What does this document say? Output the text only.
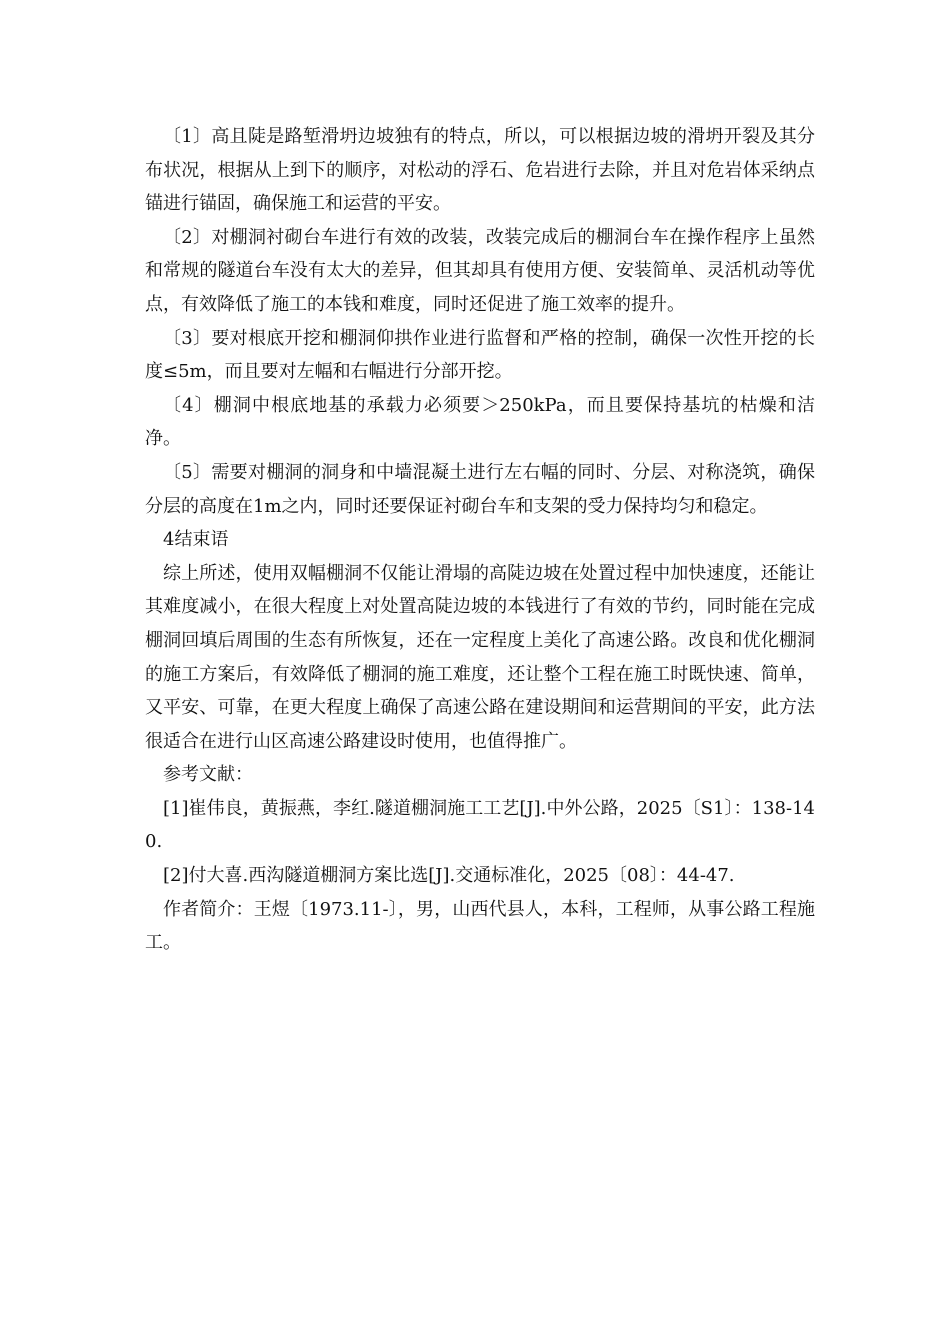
〔1〕高且陡是路堑滑坍边坡独有的特点，所以，可以根据边坡的滑坍开裂及其分布状况，根据从上到下的顺序，对松动的浮石、危岩进行去除，并且对危岩体采纳点锚进行锚固，确保施工和运营的平安。

〔2〕对棚洞衬砌台车进行有效的改装，改装完成后的棚洞台车在操作程序上虽然和常规的隧道台车没有太大的差异，但其却具有使用方便、安装简单、灵活机动等优点，有效降低了施工的本钱和难度，同时还促进了施工效率的提升。

〔3〕要对根底开挖和棚洞仰拱作业进行监督和严格的控制，确保一次性开挖的长度≤5m，而且要对左幅和右幅进行分部开挖。

〔4〕棚洞中根底地基的承载力必须要＞250kPa，而且要保持基坑的枯燥和洁净。

〔5〕需要对棚洞的洞身和中墙混凝土进行左右幅的同时、分层、对称浇筑，确保分层的高度在1m之内，同时还要保证衬砌台车和支架的受力保持均匀和稳定。

4结束语

综上所述，使用双幅棚洞不仅能让滑塌的高陡边坡在处置过程中加快速度，还能让其难度减小，在很大程度上对处置高陡边坡的本钱进行了有效的节约，同时能在完成棚洞回填后周围的生态有所恢复，还在一定程度上美化了高速公路。改良和优化棚洞的施工方案后，有效降低了棚洞的施工难度，还让整个工程在施工时既快速、简单，又平安、可靠，在更大程度上确保了高速公路在建设期间和运营期间的平安，此方法很适合在进行山区高速公路建设时使用，也值得推广。

参考文献：

[1]崔伟良，黄振燕，李红.隧道棚洞施工工艺[J].中外公路，2025〔S1〕：138-140.

[2]付大喜.西沟隧道棚洞方案比选[J].交通标准化，2025〔08〕：44-47.

作者简介：王煜〔1973.11-〕，男，山西代县人，本科，工程师，从事公路工程施工。
